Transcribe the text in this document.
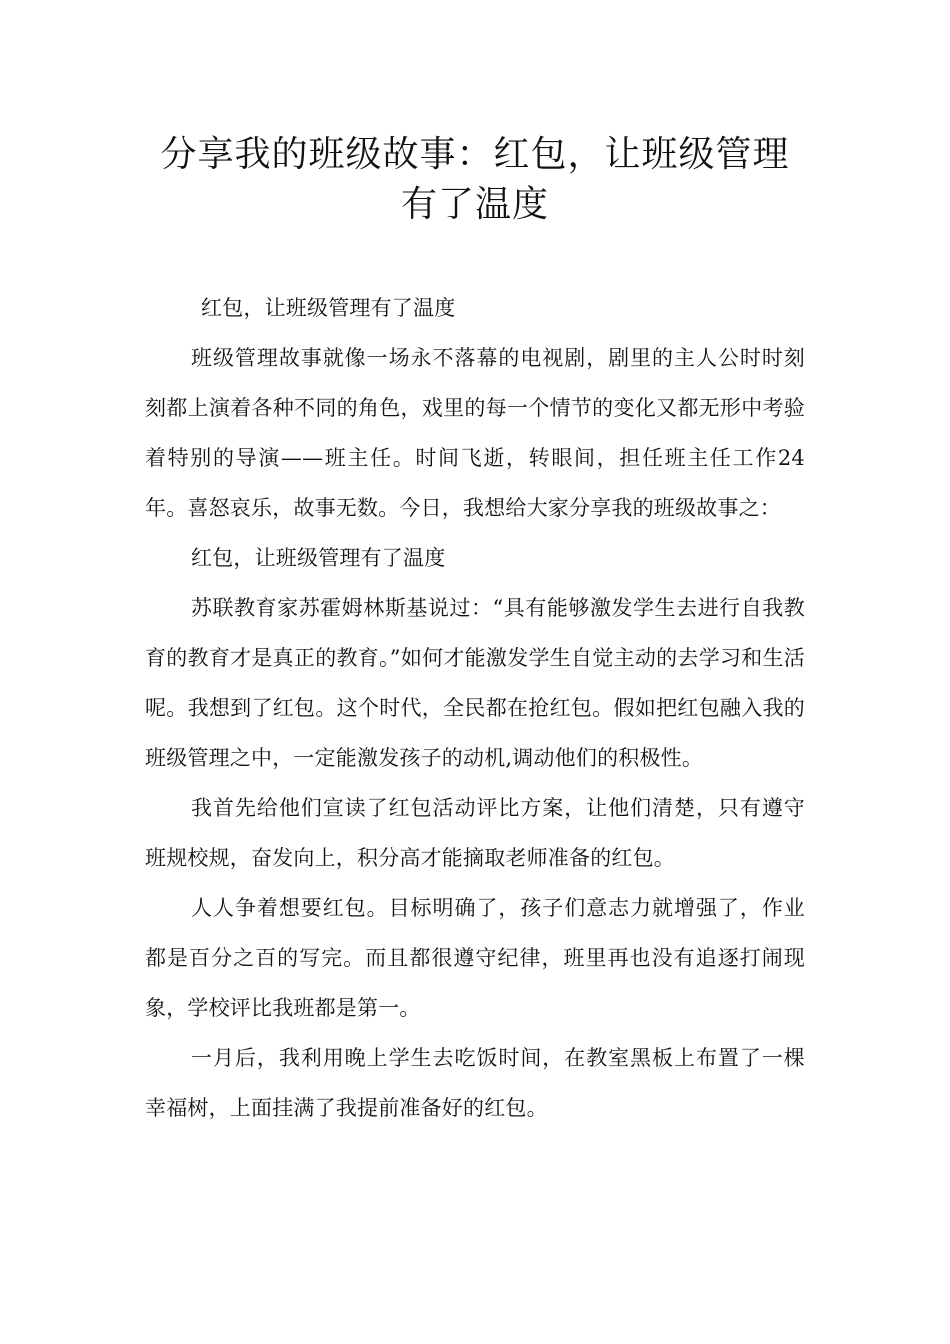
分享我的班级故事：红包，让班级管理
有了温度

红包，让班级管理有了温度

班级管理故事就像一场永不落幕的电视剧，剧里的主人公时时刻刻都上演着各种不同的角色，戏里的每一个情节的变化又都无形中考验着特别的导演——班主任。时间飞逝，转眼间，担任班主任工作24年。喜怒哀乐，故事无数。今日，我想给大家分享我的班级故事之：

红包，让班级管理有了温度

苏联教育家苏霍姆林斯基说过：“具有能够激发学生去进行自我教育的教育才是真正的教育。”如何才能激发学生自觉主动的去学习和生活呢。我想到了红包。这个时代，全民都在抢红包。假如把红包融入我的班级管理之中，一定能激发孩子的动机,调动他们的积极性。

我首先给他们宣读了红包活动评比方案，让他们清楚，只有遵守班规校规，奋发向上，积分高才能摘取老师准备的红包。

人人争着想要红包。目标明确了，孩子们意志力就增强了，作业都是百分之百的写完。而且都很遵守纪律，班里再也没有追逐打闹现象，学校评比我班都是第一。

一月后，我利用晚上学生去吃饭时间，在教室黑板上布置了一棵幸福树，上面挂满了我提前准备好的红包。
